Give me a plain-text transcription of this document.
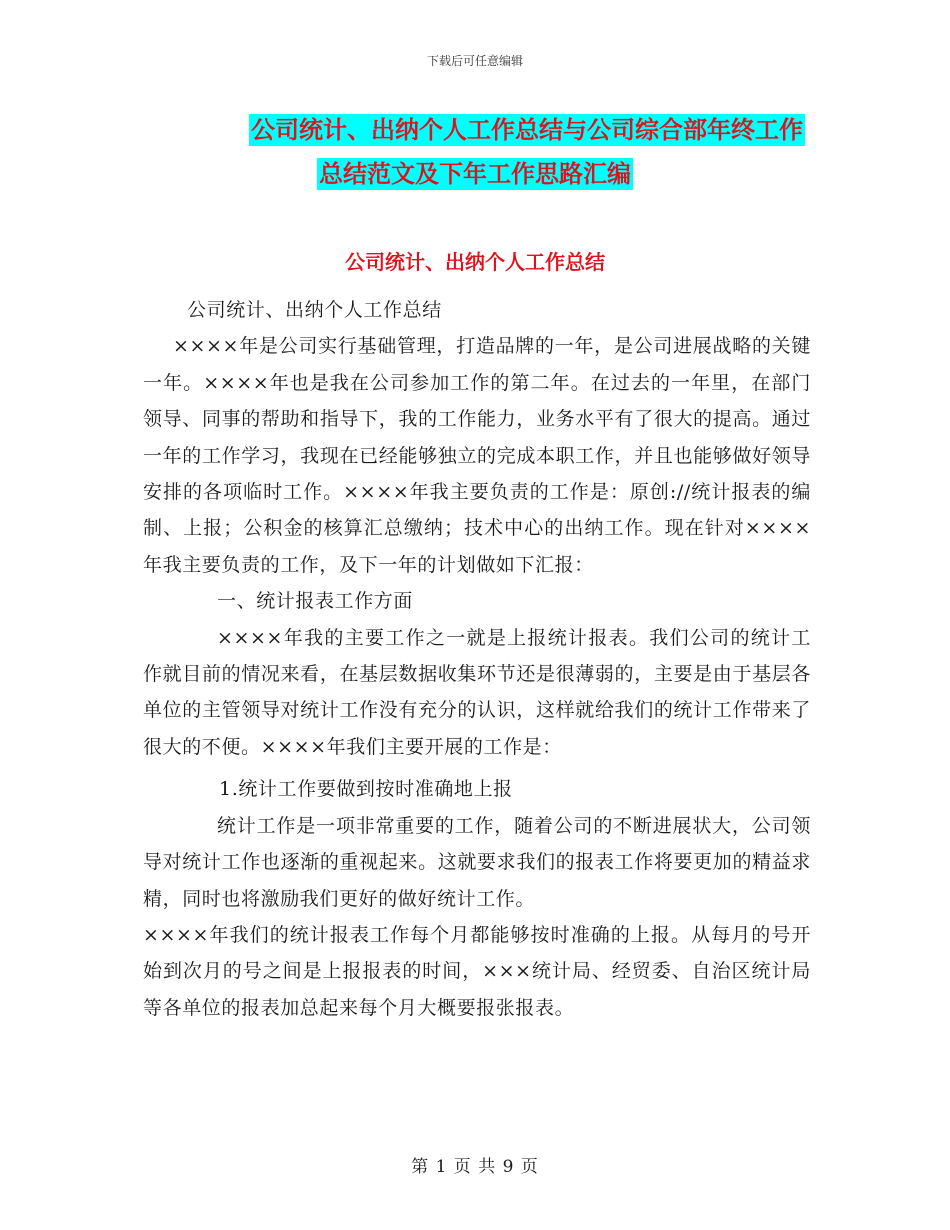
下载后可任意编辑
公司统计、出纳个人工作总结与公司综合部年终工作
总结范文及下年工作思路汇编
公司统计、出纳个人工作总结

公司统计、出纳个人工作总结

××××年是公司实行基础管理，打造品牌的一年，是公司进展战略的关键一年。××××年也是我在公司参加工作的第二年。在过去的一年里，在部门领导、同事的帮助和指导下，我的工作能力，业务水平有了很大的提高。通过一年的工作学习，我现在已经能够独立的完成本职工作，并且也能够做好领导安排的各项临时工作。××××年我主要负责的工作是：原创://统计报表的编制、上报；公积金的核算汇总缴纳；技术中心的出纳工作。现在针对××××年我主要负责的工作，及下一年的计划做如下汇报：

一、统计报表工作方面

××××年我的主要工作之一就是上报统计报表。我们公司的统计工作就目前的情况来看，在基层数据收集环节还是很薄弱的，主要是由于基层各单位的主管领导对统计工作没有充分的认识，这样就给我们的统计工作带来了很大的不便。××××年我们主要开展的工作是：

1.统计工作要做到按时准确地上报

统计工作是一项非常重要的工作，随着公司的不断进展状大，公司领导对统计工作也逐渐的重视起来。这就要求我们的报表工作将要更加的精益求精，同时也将激励我们更好的做好统计工作。

××××年我们的统计报表工作每个月都能够按时准确的上报。从每月的号开始到次月的号之间是上报报表的时间，×××统计局、经贸委、自治区统计局等各单位的报表加总起来每个月大概要报张报表。

第 1 页 共 9 页
